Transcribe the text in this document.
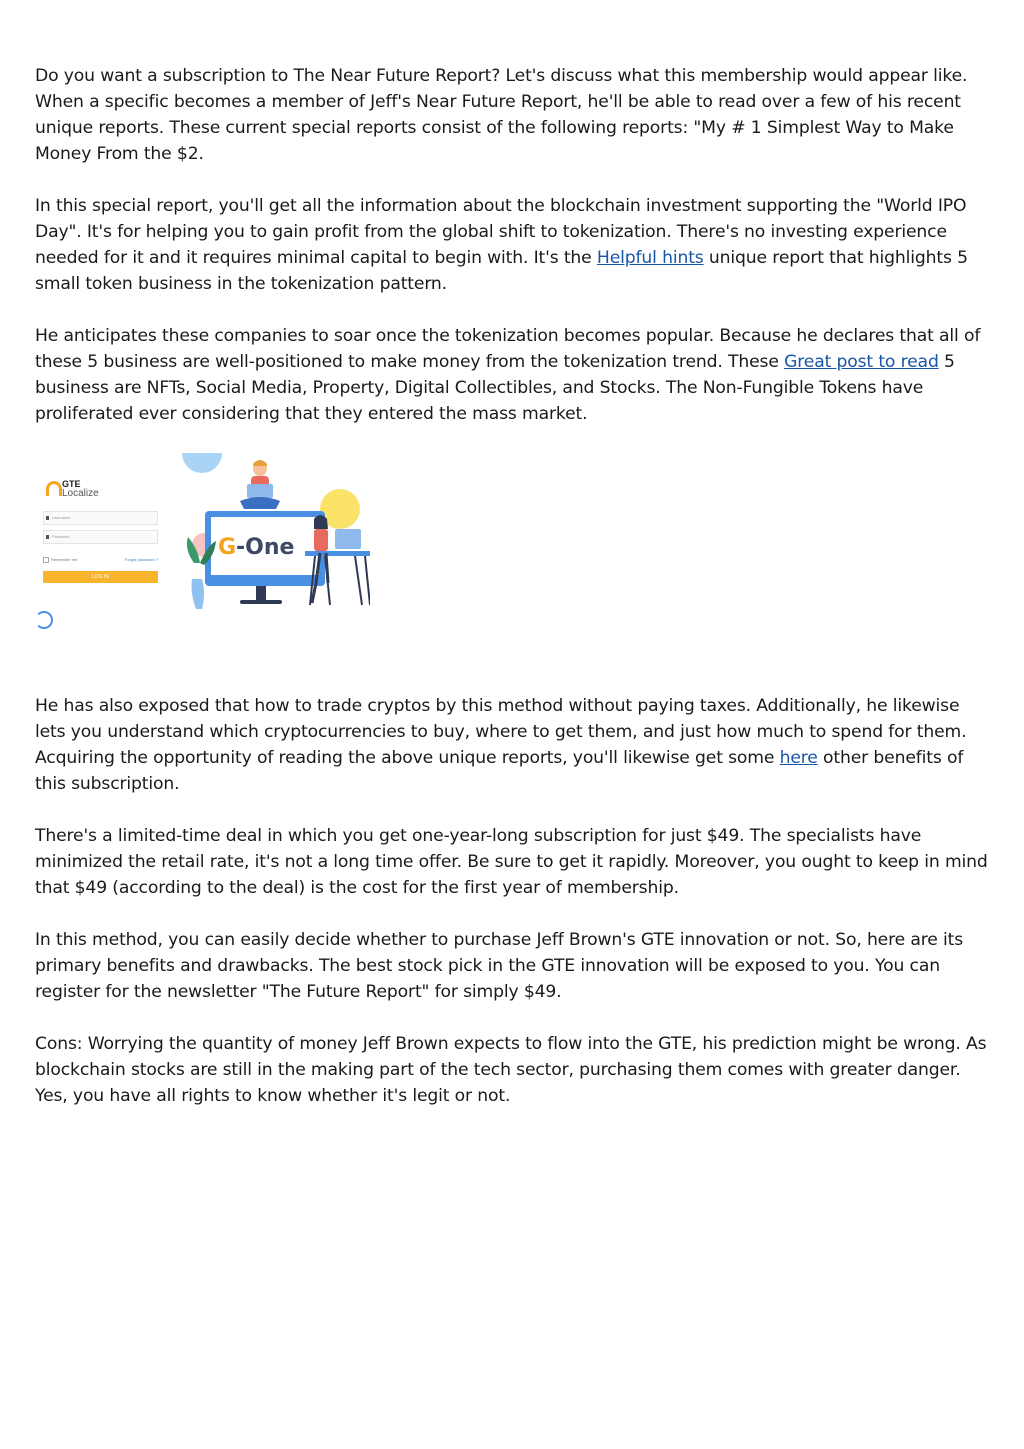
Do you want a subscription to The Near Future Report? Let's discuss what this membership would appear like. When a specific becomes a member of Jeff's Near Future Report, he'll be able to read over a few of his recent unique reports. These current special reports consist of the following reports: "My # 1 Simplest Way to Make Money From the $2.

In this special report, you'll get all the information about the blockchain investment supporting the "World IPO Day". It's for helping you to gain profit from the global shift to tokenization. There's no investing experience needed for it and it requires minimal capital to begin with. It's the Helpful hints unique report that highlights 5 small token business in the tokenization pattern.

He anticipates these companies to soar once the tokenization becomes popular. Because he declares that all of these 5 business are well-positioned to make money from the tokenization trend. These Great post to read 5 business are NFTs, Social Media, Property, Digital Collectibles, and Stocks. The Non-Fungible Tokens have proliferated ever considering that they entered the mass market.

GTE
Localize
Username
Password
Remember me	Forgot password ?
LOG IN
G -One

He has also exposed that how to trade cryptos by this method without paying taxes. Additionally, he likewise lets you understand which cryptocurrencies to buy, where to get them, and just how much to spend for them. Acquiring the opportunity of reading the above unique reports, you'll likewise get some here other benefits of this subscription.

There's a limited-time deal in which you get one-year-long subscription for just $49. The specialists have minimized the retail rate, it's not a long time offer. Be sure to get it rapidly. Moreover, you ought to keep in mind that $49 (according to the deal) is the cost for the first year of membership.

In this method, you can easily decide whether to purchase Jeff Brown's GTE innovation or not. So, here are its primary benefits and drawbacks. The best stock pick in the GTE innovation will be exposed to you. You can register for the newsletter "The Future Report" for simply $49.

Cons: Worrying the quantity of money Jeff Brown expects to flow into the GTE, his prediction might be wrong. As blockchain stocks are still in the making part of the tech sector, purchasing them comes with greater danger. Yes, you have all rights to know whether it's legit or not.
